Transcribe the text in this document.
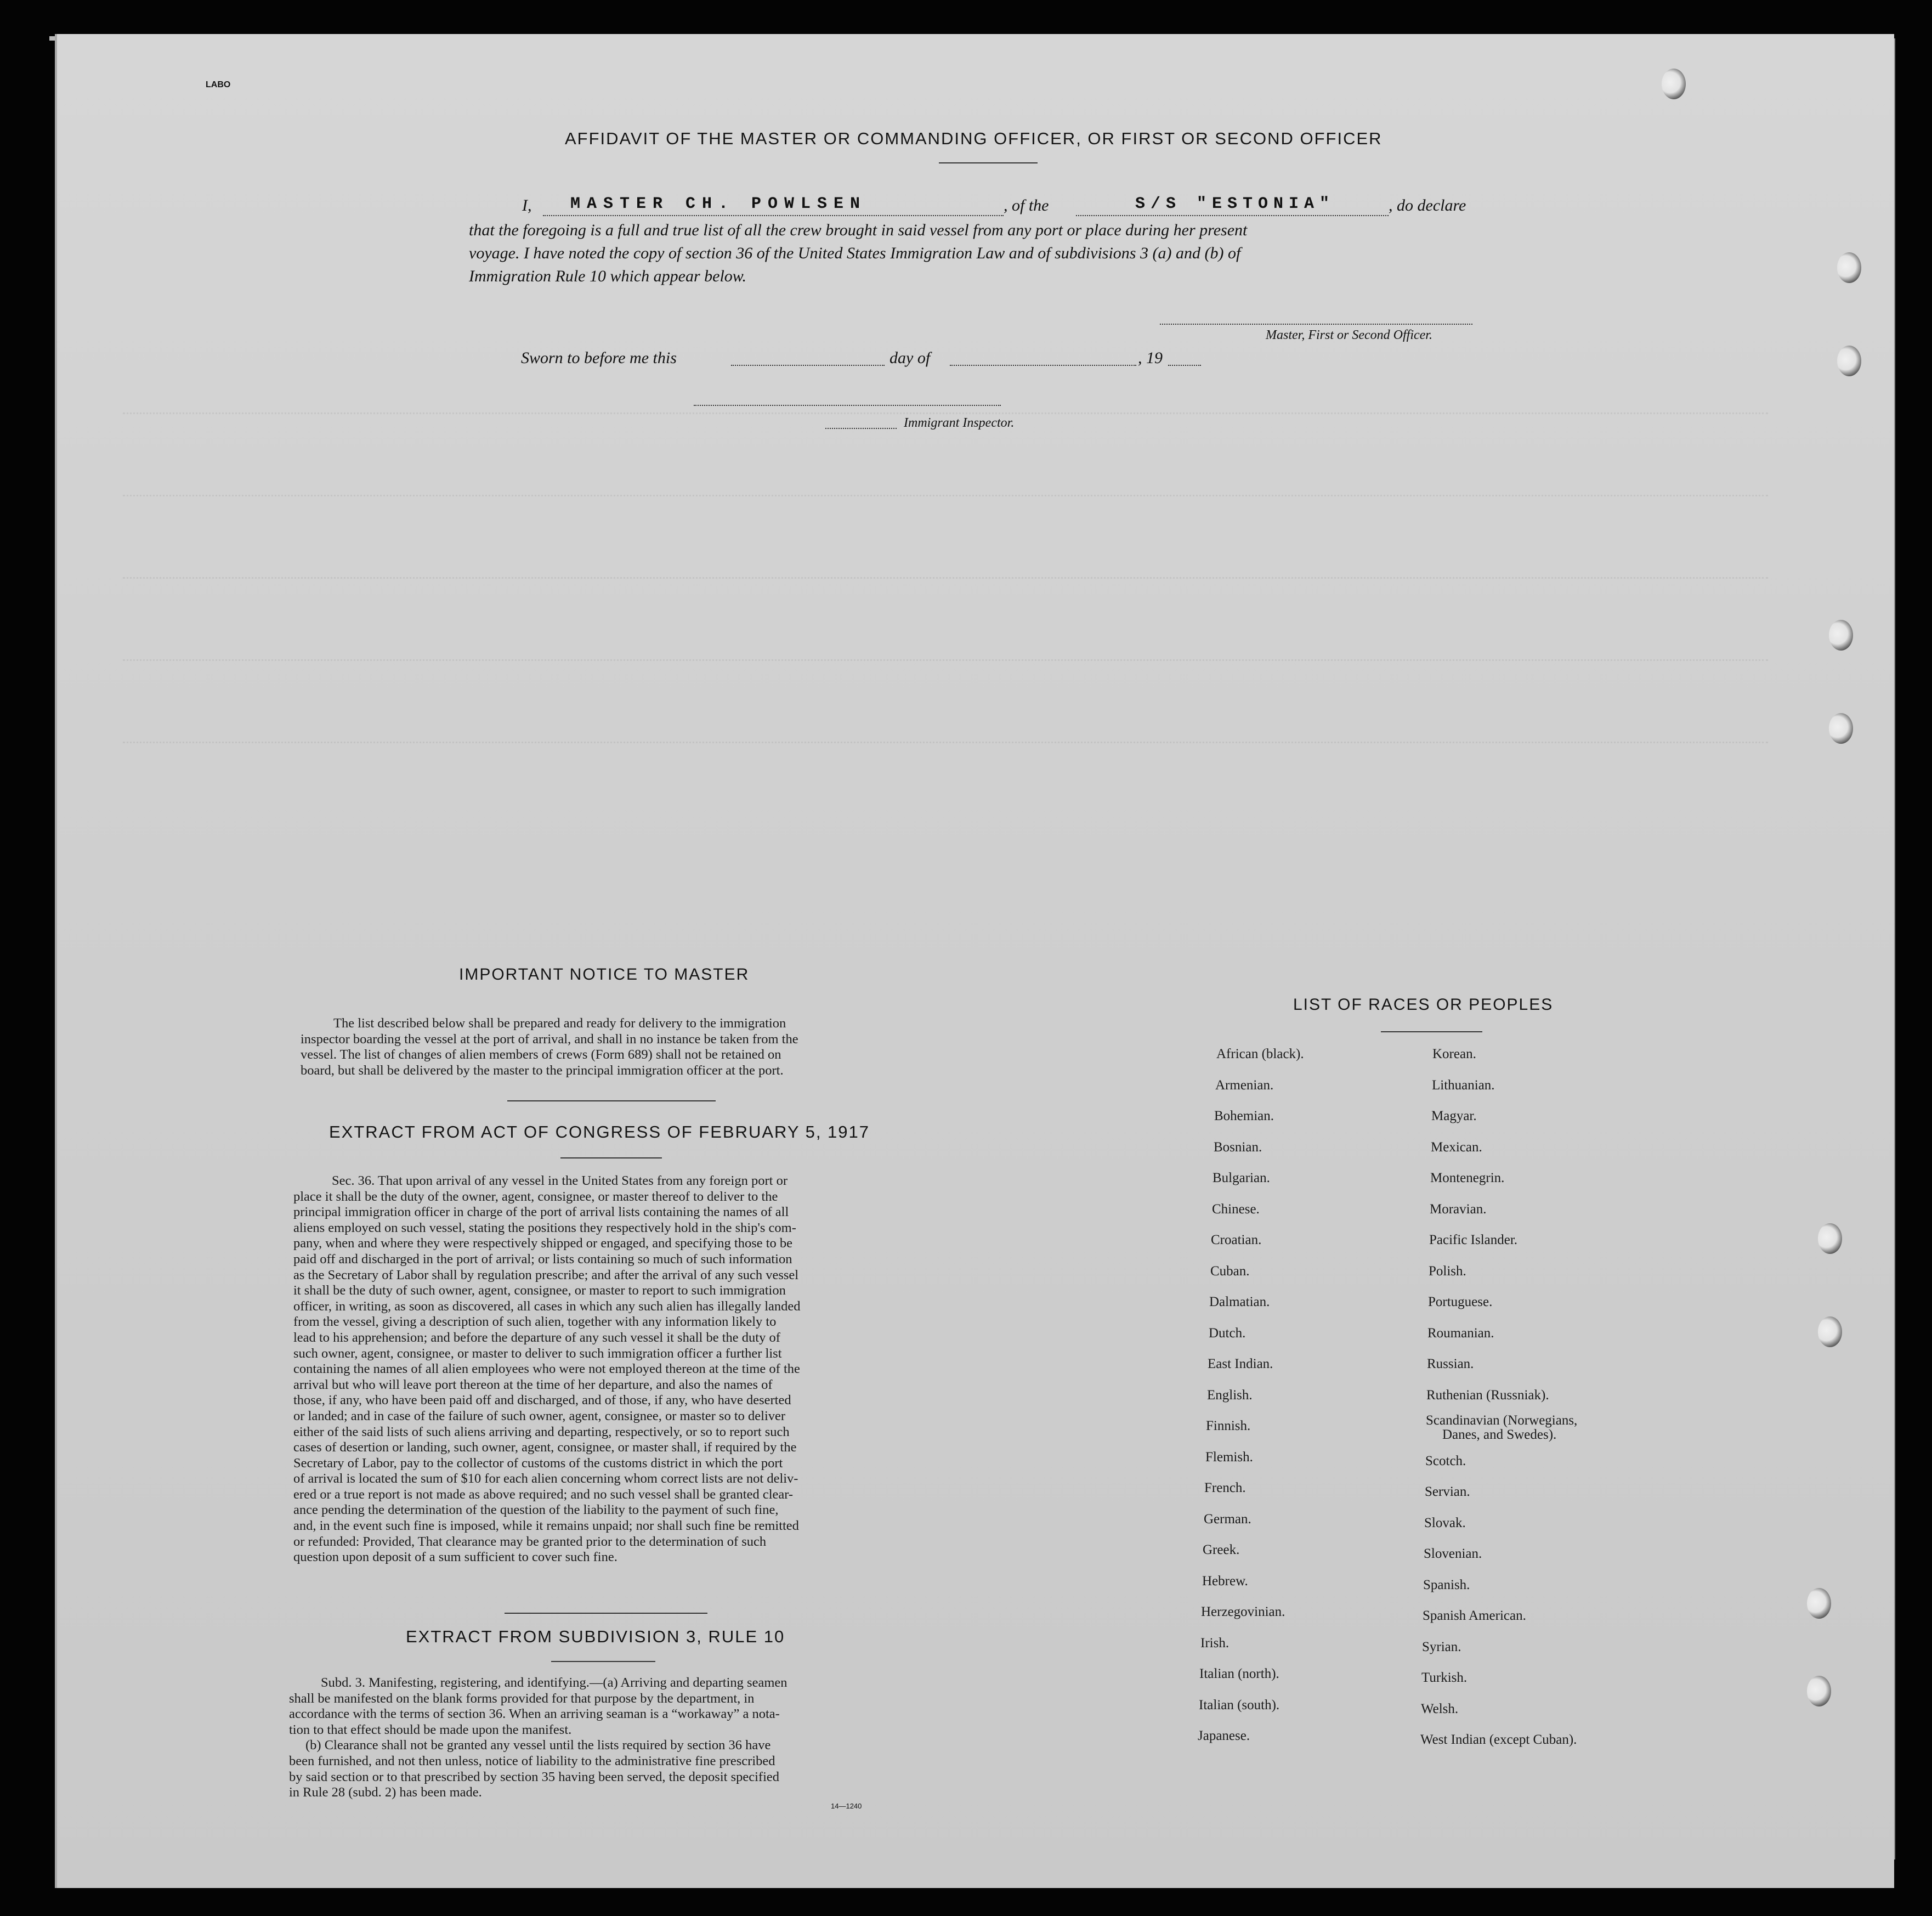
LABO
AFFIDAVIT OF THE MASTER OR COMMANDING OFFICER, OR FIRST OR SECOND OFFICER
I, MASTER CH. POWLSEN	, of the	S/S "ESTONIA"	, do declare
that the foregoing is a full and true list of all the crew brought in said vessel from any port or place during her present
voyage. I have noted the copy of section 36 of the United States Immigration Law and of subdivisions 3 (a) and (b) of
Immigration Rule 10 which appear below.
Master, First or Second Officer.
Sworn to before me this	day of	, 19
Immigrant Inspector.
IMPORTANT NOTICE TO MASTER
The list described below shall be prepared and ready for delivery to the immigration
inspector boarding the vessel at the port of arrival, and shall in no instance be taken from the
vessel. The list of changes of alien members of crews (Form 689) shall not be retained on
board, but shall be delivered by the master to the principal immigration officer at the port.
EXTRACT FROM ACT OF CONGRESS OF FEBRUARY 5, 1917
Sec. 36. That upon arrival of any vessel in the United States from any foreign port or
place it shall be the duty of the owner, agent, consignee, or master thereof to deliver to the
principal immigration officer in charge of the port of arrival lists containing the names of all
aliens employed on such vessel, stating the positions they respectively hold in the ship's com-
pany, when and where they were respectively shipped or engaged, and specifying those to be
paid off and discharged in the port of arrival; or lists containing so much of such information
as the Secretary of Labor shall by regulation prescribe; and after the arrival of any such vessel
it shall be the duty of such owner, agent, consignee, or master to report to such immigration
officer, in writing, as soon as discovered, all cases in which any such alien has illegally landed
from the vessel, giving a description of such alien, together with any information likely to
lead to his apprehension; and before the departure of any such vessel it shall be the duty of
such owner, agent, consignee, or master to deliver to such immigration officer a further list
containing the names of all alien employees who were not employed thereon at the time of the
arrival but who will leave port thereon at the time of her departure, and also the names of
those, if any, who have been paid off and discharged, and of those, if any, who have deserted
or landed; and in case of the failure of such owner, agent, consignee, or master so to deliver
either of the said lists of such aliens arriving and departing, respectively, or so to report such
cases of desertion or landing, such owner, agent, consignee, or master shall, if required by the
Secretary of Labor, pay to the collector of customs of the customs district in which the port
of arrival is located the sum of $10 for each alien concerning whom correct lists are not deliv-
ered or a true report is not made as above required; and no such vessel shall be granted clear-
ance pending the determination of the question of the liability to the payment of such fine,
and, in the event such fine is imposed, while it remains unpaid; nor shall such fine be remitted
or refunded: Provided, That clearance may be granted prior to the determination of such
question upon deposit of a sum sufficient to cover such fine.
EXTRACT FROM SUBDIVISION 3, RULE 10
Subd. 3. Manifesting, registering, and identifying.—(a) Arriving and departing seamen
shall be manifested on the blank forms provided for that purpose by the department, in
accordance with the terms of section 36. When an arriving seaman is a “workaway” a nota-
tion to that effect should be made upon the manifest.
(b) Clearance shall not be granted any vessel until the lists required by section 36 have
been furnished, and not then unless, notice of liability to the administrative fine prescribed
by said section or to that prescribed by section 35 having been served, the deposit specified
in Rule 28 (subd. 2) has been made.
14—1240
LIST OF RACES OR PEOPLES
African (black).
Armenian.
Bohemian.
Bosnian.
Bulgarian.
Chinese.
Croatian.
Cuban.
Dalmatian.
Dutch.
East Indian.
English.
Finnish.
Flemish.
French.
German.
Greek.
Hebrew.
Herzegovinian.
Irish.
Italian (north).
Italian (south).
Japanese.
Korean.
Lithuanian.
Magyar.
Mexican.
Montenegrin.
Moravian.
Pacific Islander.
Polish.
Portuguese.
Roumanian.
Russian.
Ruthenian (Russniak).
Scandinavian (Norwegians,
Danes, and Swedes).
Scotch.
Servian.
Slovak.
Slovenian.
Spanish.
Spanish American.
Syrian.
Turkish.
Welsh.
West Indian (except Cuban).
